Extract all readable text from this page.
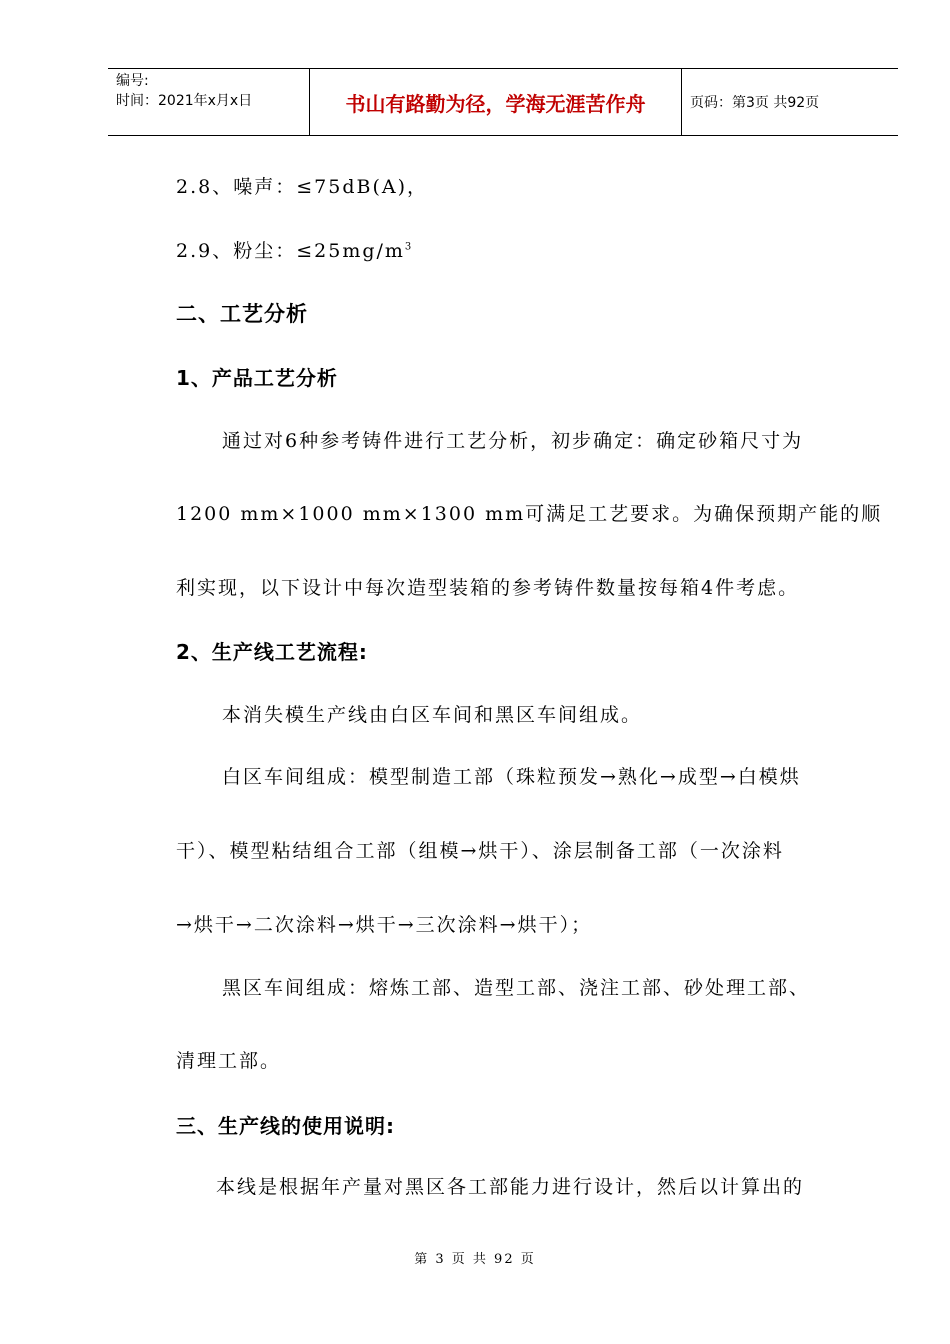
编号:
时间：2021年x月x日	书山有路勤为径，学海无涯苦作舟	页码：第3页 共92页
2.8、噪声：≤75dB(A)，
2.9、粉尘：$\le 25mg/m^3$
二、工艺分析
1、产品工艺分析
通过对6种参考铸件进行工艺分析，初步确定：确定砂箱尺寸为
1200 mm×1000 mm×1300 mm可满足工艺要求。为确保预期产能的顺
利实现，以下设计中每次造型装箱的参考铸件数量按每箱4件考虑。
2、生产线工艺流程:
本消失模生产线由白区车间和黑区车间组成。
白区车间组成：模型制造工部（珠粒预发→熟化→成型→白模烘
干）、模型粘结组合工部（组模→烘干）、涂层制备工部（一次涂料
→烘干→二次涂料→烘干→三次涂料→烘干）；
黑区车间组成：熔炼工部、造型工部、浇注工部、砂处理工部、
清理工部。
三、生产线的使用说明:
本线是根据年产量对黑区各工部能力进行设计，然后以计算出的
第 3 页 共 92 页
